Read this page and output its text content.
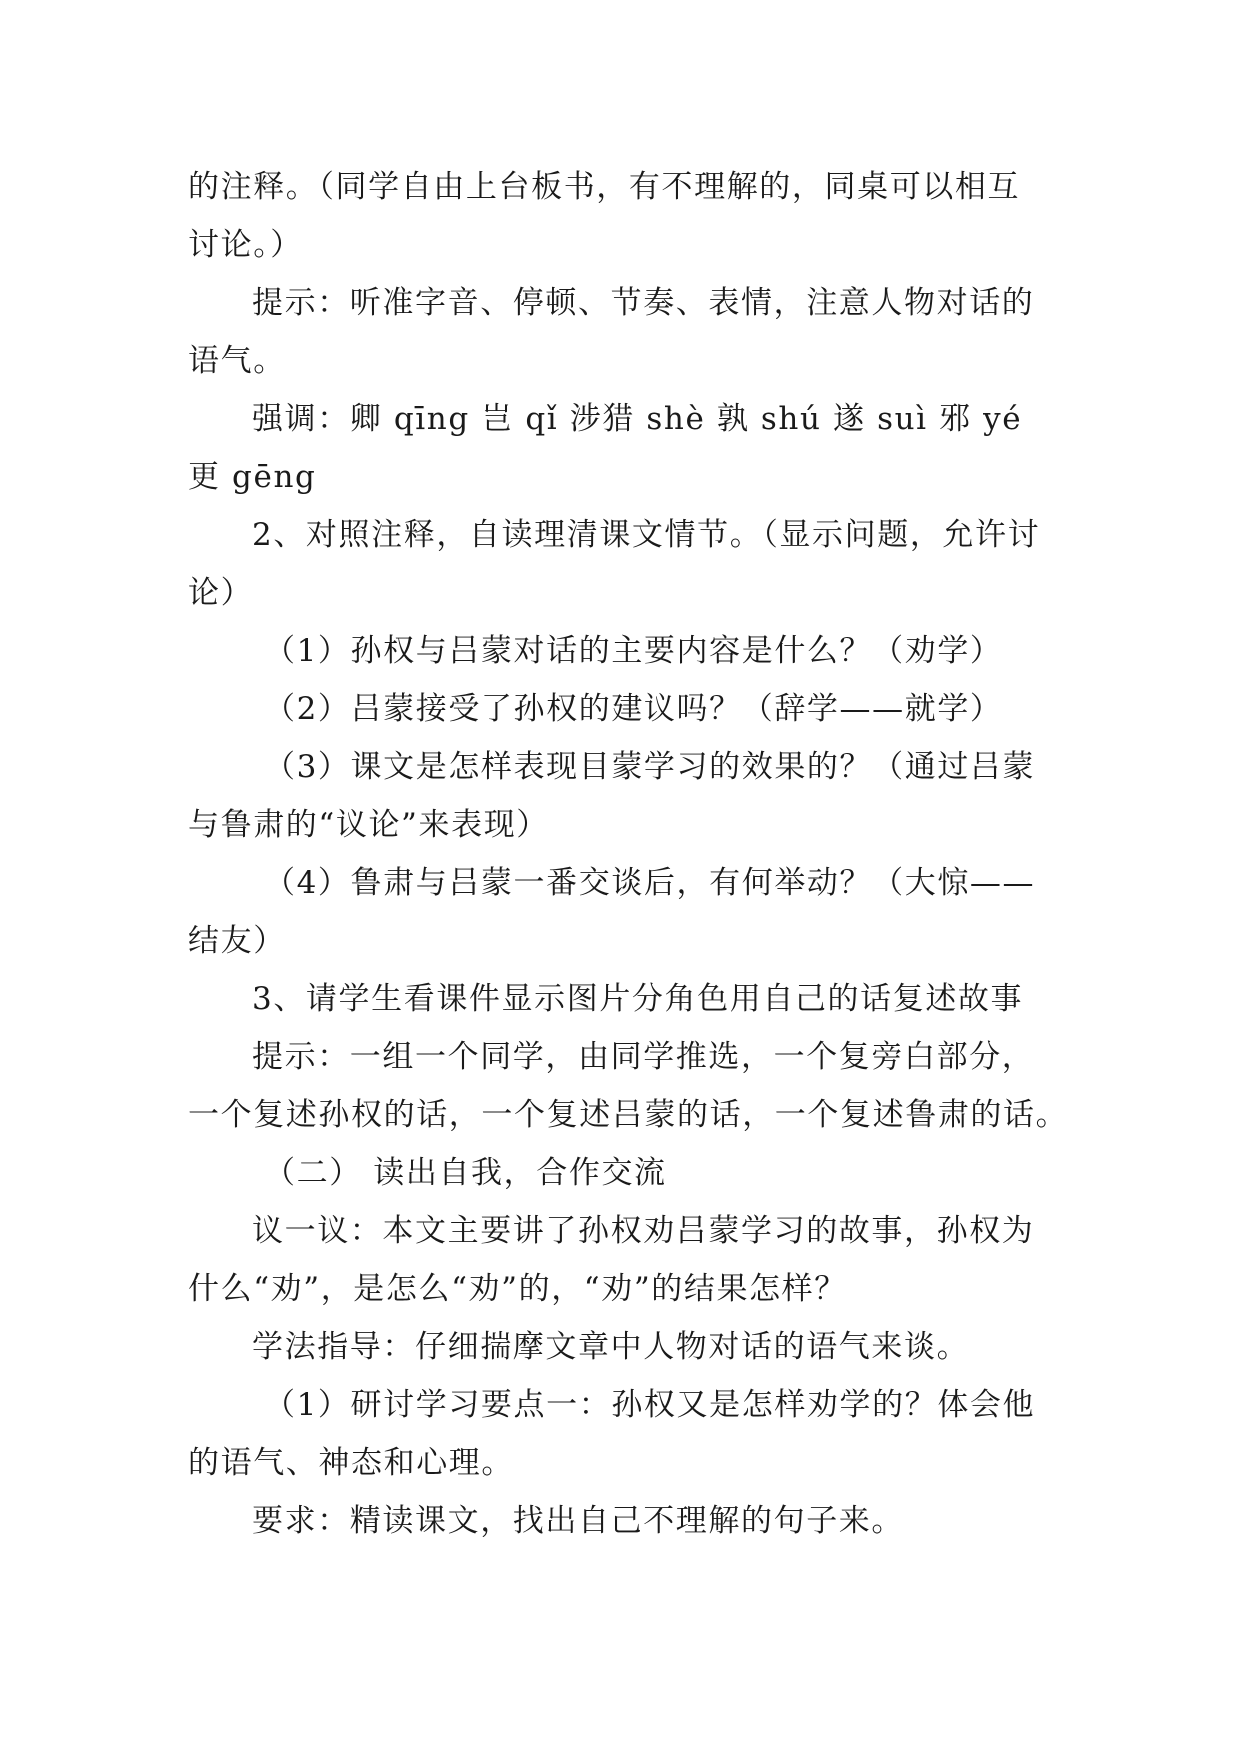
的注释。（同学自由上台板书，有不理解的，同桌可以相互
讨论。）
提示：听准字音、停顿、节奏、表情，注意人物对话的
语气。
强调：卿 qīng 岂 qǐ 涉猎 shè 孰 shú 遂 suì 邪 yé
更 gēng
2、对照注释，自读理清课文情节。（显示问题，允许讨
论）
（1）孙权与吕蒙对话的主要内容是什么？（劝学）
（2）吕蒙接受了孙权的建议吗？（辞学——就学）
（3）课文是怎样表现目蒙学习的效果的？（通过吕蒙
与鲁肃的“议论”来表现）
（4）鲁肃与吕蒙一番交谈后，有何举动？（大惊——
结友）
3、请学生看课件显示图片分角色用自己的话复述故事
提示：一组一个同学，由同学推选，一个复旁白部分，
一个复述孙权的话，一个复述吕蒙的话，一个复述鲁肃的话。
（二） 读出自我，合作交流
议一议：本文主要讲了孙权劝吕蒙学习的故事，孙权为
什么“劝”，是怎么“劝”的，“劝”的结果怎样？
学法指导：仔细揣摩文章中人物对话的语气来谈。
（1）研讨学习要点一：孙权又是怎样劝学的？体会他
的语气、神态和心理。
要求：精读课文，找出自己不理解的句子来。
